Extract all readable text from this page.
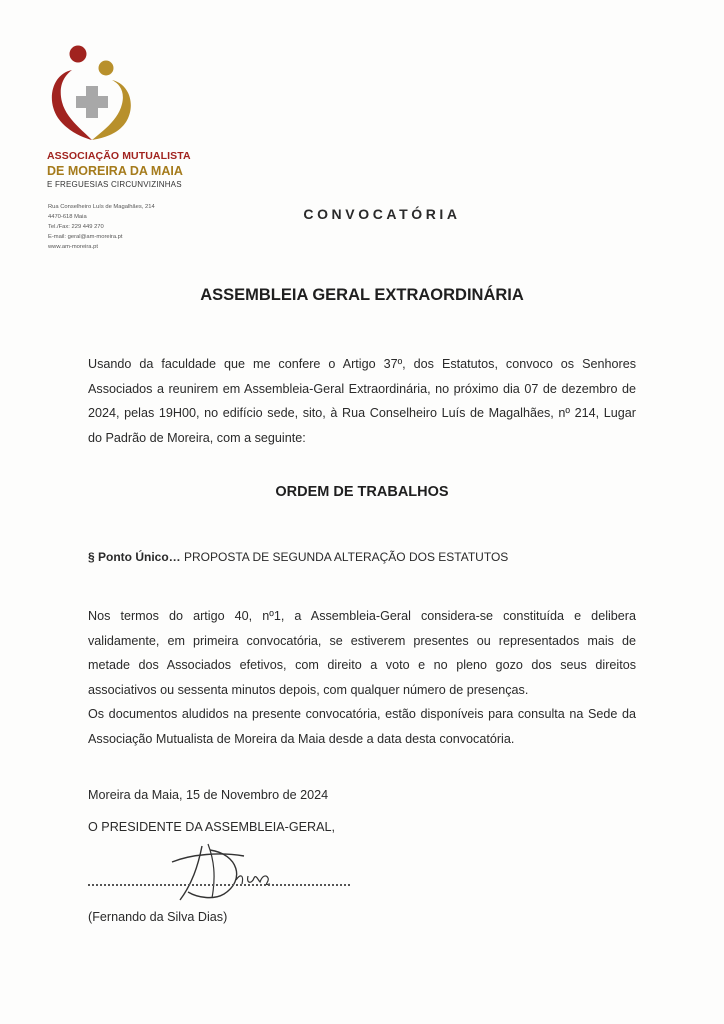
ASSOCIAÇÃO MUTUALISTA
DE MOREIRA DA MAIA
E FREGUESIAS CIRCUNVIZINHAS
Rua Conselheiro Luís de Magalhães, 214
4470-618 Maia
Tel./Fax: 229 449 270
E-mail: geral@am-moreira.pt
www.am-moreira.pt
CONVOCATÓRIA
ASSEMBLEIA GERAL EXTRAORDINÁRIA
Usando da faculdade que me confere o Artigo 37º, dos Estatutos, convoco os Senhores Associados a reunirem em Assembleia-Geral Extraordinária, no próximo dia 07 de dezembro de 2024, pelas 19H00, no edifício sede, sito, à Rua Conselheiro Luís de Magalhães, nº 214, Lugar do Padrão de Moreira, com a seguinte:
ORDEM DE TRABALHOS
§ Ponto Único… PROPOSTA DE SEGUNDA ALTERAÇÃO DOS ESTATUTOS
Nos termos do artigo 40, nº1, a Assembleia-Geral considera-se constituída e delibera validamente, em primeira convocatória, se estiverem presentes ou representados mais de metade dos Associados efetivos, com direito a voto e no pleno gozo dos seus direitos associativos ou sessenta minutos depois, com qualquer número de presenças.
Os documentos aludidos na presente convocatória, estão disponíveis para consulta na Sede da Associação Mutualista de Moreira da Maia desde a data desta convocatória.
Moreira da Maia, 15 de Novembro de 2024
O PRESIDENTE DA ASSEMBLEIA-GERAL,
(Fernando da Silva Dias)
